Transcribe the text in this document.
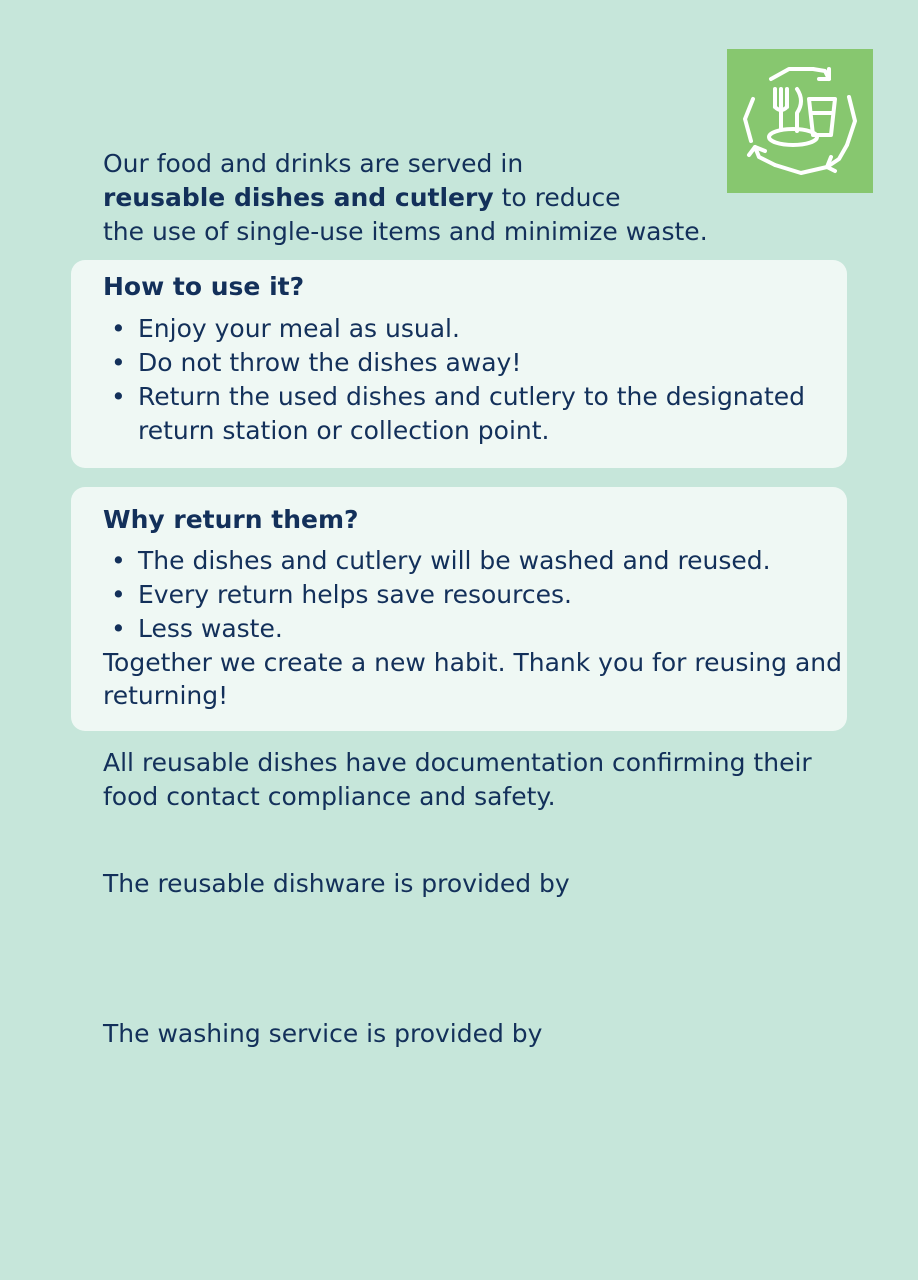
Our food and drinks are served in
reusable dishes and cutlery to reduce
the use of single-use items and minimize waste.
How to use it?
• Enjoy your meal as usual.
• Do not throw the dishes away!
• Return the used dishes and cutlery to the designated return station or collection point.
Why return them?
• The dishes and cutlery will be washed and reused.
• Every return helps save resources.
• Less waste.
Together we create a new habit. Thank you for reusing and returning!
All reusable dishes have documentation confirming their food contact compliance and safety.
The reusable dishware is provided by
The washing service is provided by
